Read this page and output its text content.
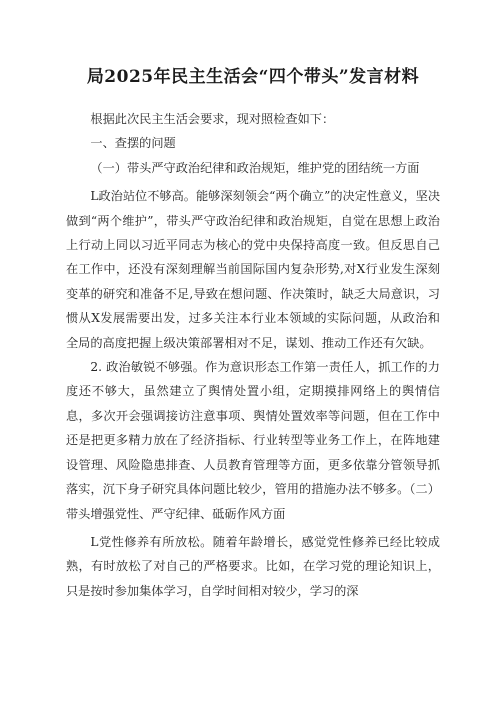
局2025年民主生活会“四个带头”发言材料

根据此次民主生活会要求，现对照检查如下：

一、查摆的问题

（一）带头严守政治纪律和政治规矩，维护党的团结统一方面

L政治站位不够高。能够深刻领会“两个确立”的决定性意义，坚决做到“两个维护”，带头严守政治纪律和政治规矩，自觉在思想上政治上行动上同以习近平同志为核心的党中央保持高度一致。但反思自己在工作中，还没有深刻理解当前国际国内复杂形势,对X行业发生深刻变革的研究和准备不足,导致在想问题、作决策时，缺乏大局意识，习惯从X发展需要出发，过多关注本行业本领域的实际问题，从政治和全局的高度把握上级决策部署相对不足，谋划、推动工作还有欠缺。

2. 政治敏锐不够强。作为意识形态工作第一责任人，抓工作的力度还不够大，虽然建立了舆情处置小组，定期摸排网络上的舆情信息，多次开会强调接访注意事项、舆情处置效率等问题，但在工作中还是把更多精力放在了经济指标、行业转型等业务工作上，在阵地建设管理、风险隐患排查、人员教育管理等方面，更多依靠分管领导抓落实，沉下身子研究具体问题比较少，管用的措施办法不够多。（二）带头增强党性、严守纪律、砥砺作风方面

L党性修养有所放松。随着年龄增长，感觉党性修养已经比较成熟，有时放松了对自己的严格要求。比如，在学习党的理论知识上，只是按时参加集体学习，自学时间相对较少，学习的深
